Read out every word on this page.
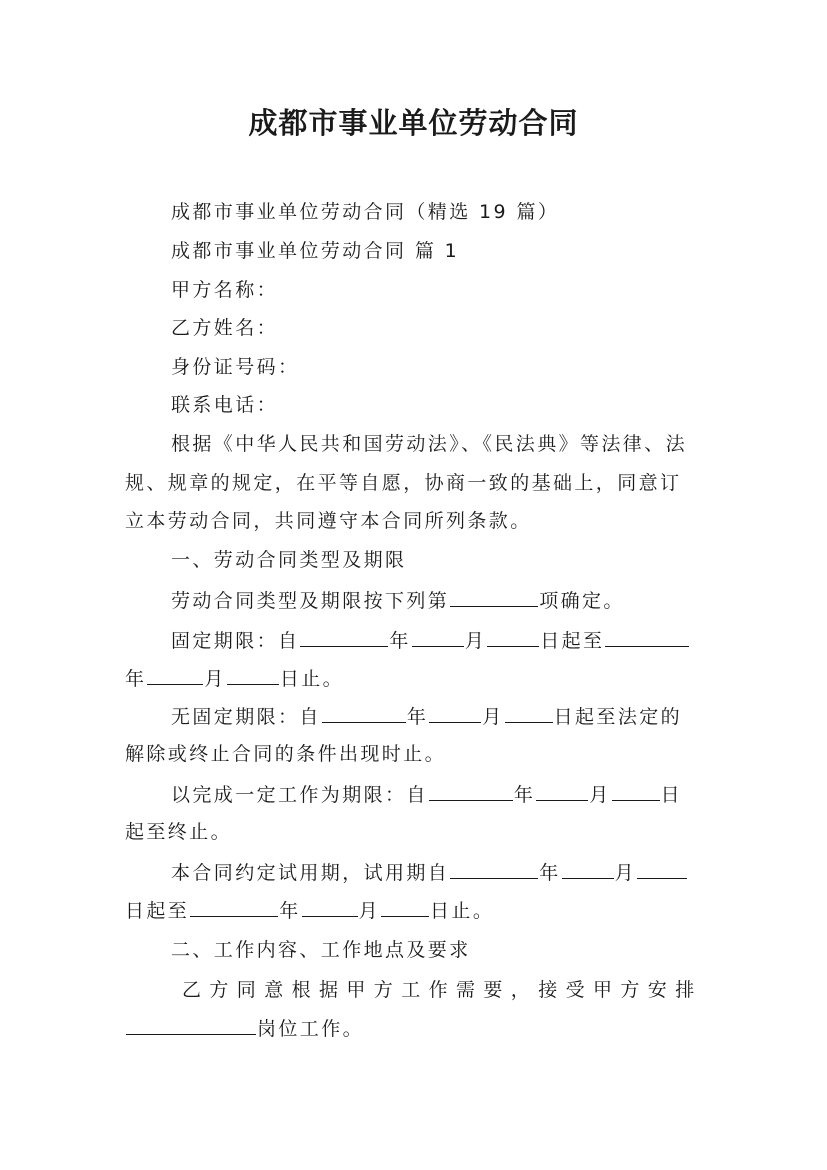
成都市事业单位劳动合同
成都市事业单位劳动合同（精选 19 篇）
成都市事业单位劳动合同 篇 1
甲方名称：
乙方姓名：
身份证号码：
联系电话：
根据《中华人民共和国劳动法》、《民法典》等法律、法
规、规章的规定，在平等自愿，协商一致的基础上，同意订
立本劳动合同，共同遵守本合同所列条款。
一、劳动合同类型及期限
劳动合同类型及期限按下列第	项确定。
固定期限：自	年	月	日起至
年	月	日止。
无固定期限：自	年	月	日起至法定的
解除或终止合同的条件出现时止。
以完成一定工作为期限：自	年	月	日
起至终止。
本合同约定试用期，试用期自	年	月
日起至	年	月	日止。
二、工作内容、工作地点及要求
乙方同意根据甲方工作需要，接受甲方安排
岗位工作。
